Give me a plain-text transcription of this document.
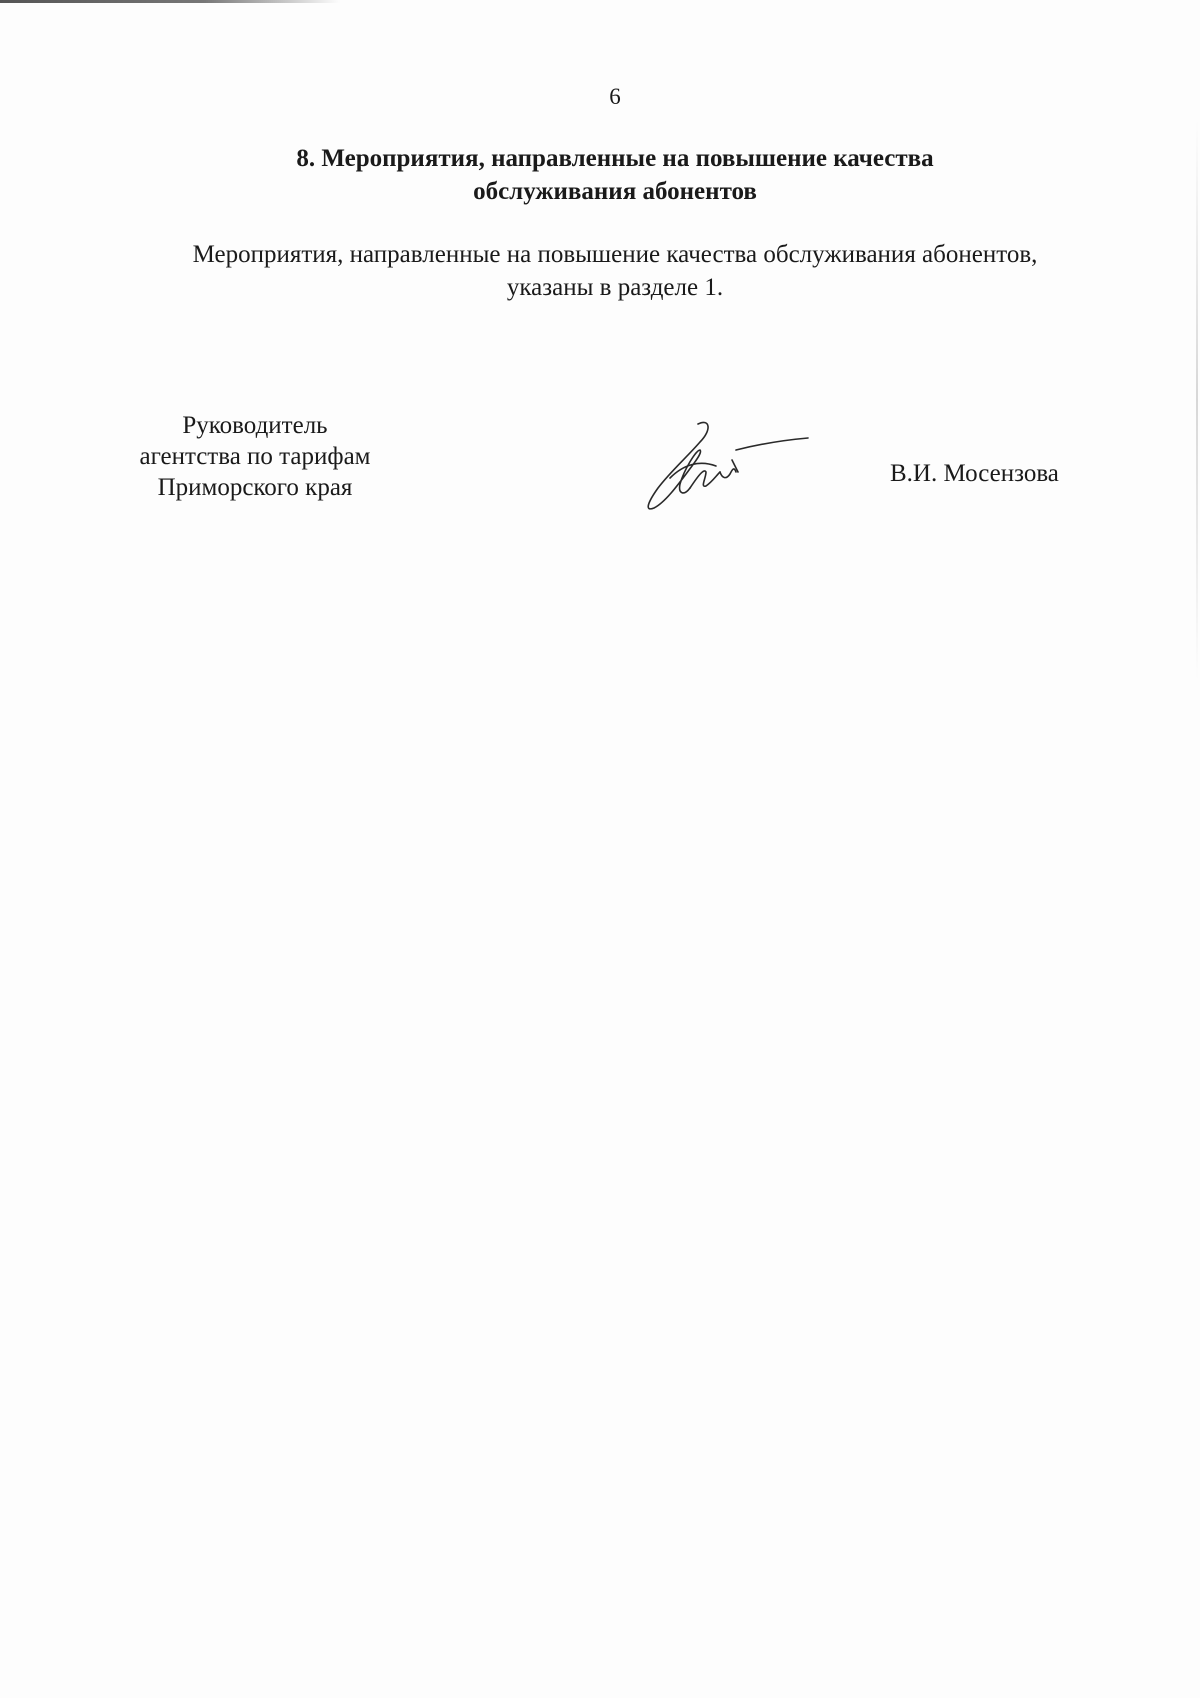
6
8. Мероприятия, направленные на повышение качества
обслуживания абонентов
Мероприятия, направленные на повышение качества обслуживания абонентов,
указаны в разделе 1.
Руководитель
агентства по тарифам
Приморского края
В.И. Мосензова
